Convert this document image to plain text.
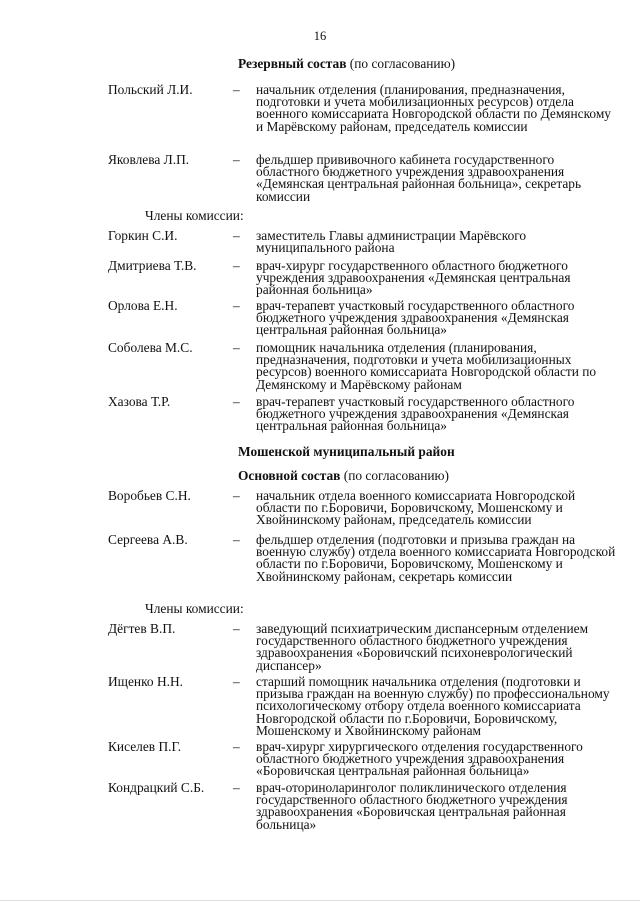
16
Резервный состав (по согласованию)
Польский Л.И.	– начальник отделения (планирования, предназначения, подготовки и учета мобилизационных ресурсов) отдела военного комиссариата Новгородской области по Демянскому и Марёвскому районам, председатель комиссии
Яковлева Л.П.	– фельдшер прививочного кабинета государственного областного бюджетного учреждения здравоохранения «Демянская центральная районная больница», секретарь комиссии
Члены комиссии:
Горкин С.И.	– заместитель Главы администрации Марёвского муниципального района
Дмитриева Т.В.	– врач-хирург государственного областного бюджетного учреждения здравоохранения «Демянская центральная районная больница»
Орлова Е.Н.	– врач-терапевт участковый государственного областного бюджетного учреждения здравоохранения «Демянская центральная районная больница»
Соболева М.С.	– помощник начальника отделения (планирования, предназначения, подготовки и учета мобилизационных ресурсов) военного комиссариата Новгородской области по Демянскому и Марёвскому районам
Хазова Т.Р.	– врач-терапевт участковый государственного областного бюджетного учреждения здравоохранения «Демянская центральная районная больница»
Мошенской муниципальный район
Основной состав (по согласованию)
Воробьев С.Н.	– начальник отдела военного комиссариата Новгородской области по г.Боровичи, Боровичскому, Мошенскому и Хвойнинскому районам, председатель комиссии
Сергеева А.В.	– фельдшер отделения (подготовки и призыва граждан на военную службу) отдела военного комиссариата Новгородской области по г.Боровичи, Боровичскому, Мошенскому и Хвойнинскому районам, секретарь комиссии
Члены комиссии:
Дёгтев В.П.	– заведующий психиатрическим диспансерным отделением государственного областного бюджетного учреждения здравоохранения «Боровичский психоневрологический диспансер»
Ищенко Н.Н.	– старший помощник начальника отделения (подготовки и призыва граждан на военную службу) по профессиональному психологическому отбору отдела военного комиссариата Новгородской области по г.Боровичи, Боровичскому, Мошенскому и Хвойнинскому районам
Киселев П.Г.	– врач-хирург хирургического отделения государственного областного бюджетного учреждения здравоохранения «Боровичская центральная районная больница»
Кондрацкий С.Б. – врач-оториноларинголог поликлинического отделения государственного областного бюджетного учреждения здравоохранения «Боровичская центральная районная больница»
